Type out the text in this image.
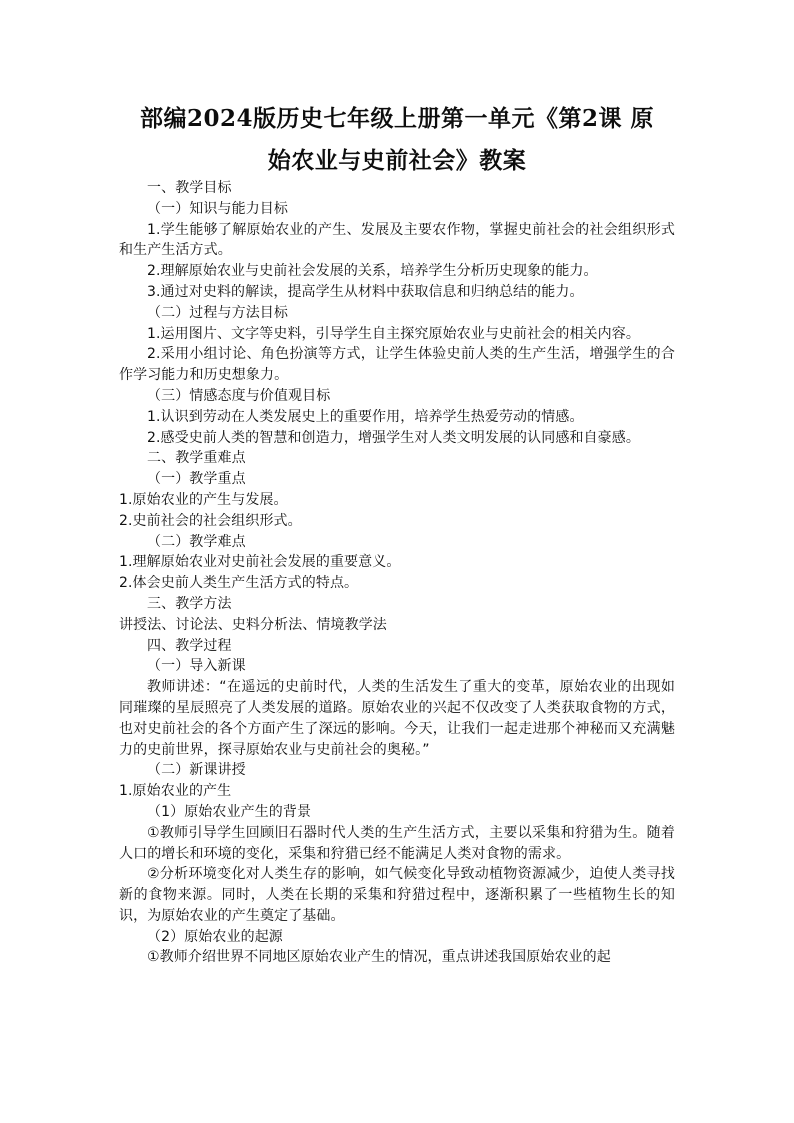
部编2024版历史七年级上册第一单元《第2课 原
始农业与史前社会》教案

一、教学目标

（一）知识与能力目标

1.学生能够了解原始农业的产生、发展及主要农作物，掌握史前社会的社会组织形式和生产生活方式。

2.理解原始农业与史前社会发展的关系，培养学生分析历史现象的能力。

3.通过对史料的解读，提高学生从材料中获取信息和归纳总结的能力。

（二）过程与方法目标

1.运用图片、文字等史料，引导学生自主探究原始农业与史前社会的相关内容。

2.采用小组讨论、角色扮演等方式，让学生体验史前人类的生产生活，增强学生的合作学习能力和历史想象力。

（三）情感态度与价值观目标

1.认识到劳动在人类发展史上的重要作用，培养学生热爱劳动的情感。

2.感受史前人类的智慧和创造力，增强学生对人类文明发展的认同感和自豪感。

二、教学重难点

（一）教学重点

1.原始农业的产生与发展。

2.史前社会的社会组织形式。

（二）教学难点

1.理解原始农业对史前社会发展的重要意义。

2.体会史前人类生产生活方式的特点。

三、教学方法

讲授法、讨论法、史料分析法、情境教学法

四、教学过程

（一）导入新课

教师讲述：“在遥远的史前时代，人类的生活发生了重大的变革，原始农业的出现如同璀璨的星辰照亮了人类发展的道路。原始农业的兴起不仅改变了人类获取食物的方式，也对史前社会的各个方面产生了深远的影响。今天，让我们一起走进那个神秘而又充满魅力的史前世界，探寻原始农业与史前社会的奥秘。”

（二）新课讲授

1.原始农业的产生

（1）原始农业产生的背景

①教师引导学生回顾旧石器时代人类的生产生活方式，主要以采集和狩猎为生。随着人口的增长和环境的变化，采集和狩猎已经不能满足人类对食物的需求。

②分析环境变化对人类生存的影响，如气候变化导致动植物资源减少，迫使人类寻找新的食物来源。同时，人类在长期的采集和狩猎过程中，逐渐积累了一些植物生长的知识，为原始农业的产生奠定了基础。

（2）原始农业的起源

①教师介绍世界不同地区原始农业产生的情况，重点讲述我国原始农业的起
